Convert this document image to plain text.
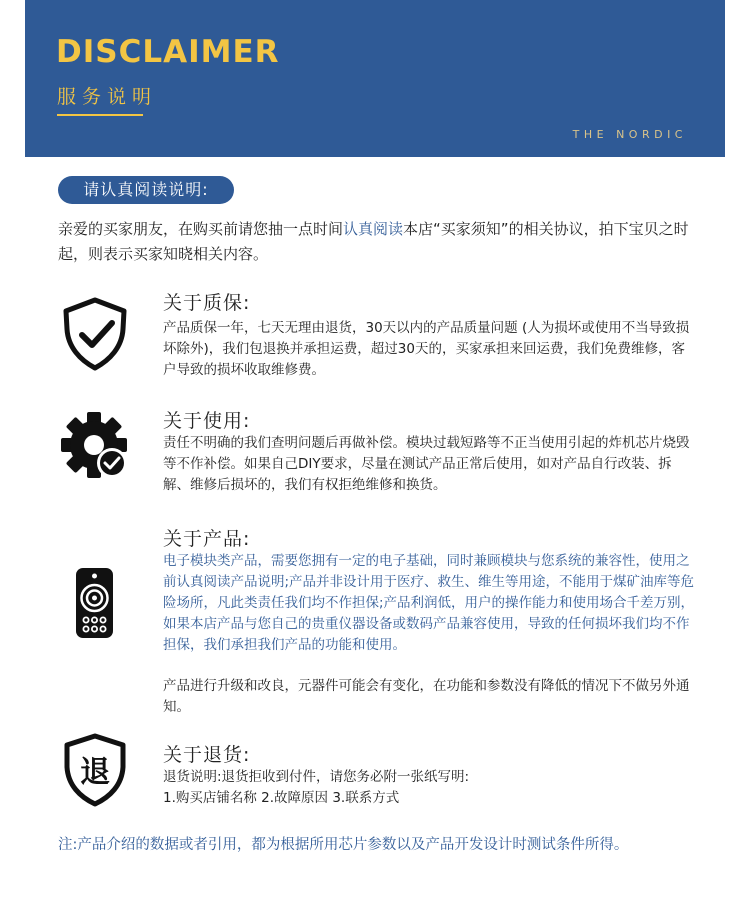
DISCLAIMER
服务说明
THE NORDIC
请认真阅读说明:

亲爱的买家朋友，在购买前请您抽一点时间认真阅读本店“买家须知”的相关协议，拍下宝贝之时起，则表示买家知晓相关内容。

关于质保:

产品质保一年，七天无理由退货，30天以内的产品质量问题 (人为损坏或使用不当导致损坏除外)，我们包退换并承担运费，超过30天的，买家承担来回运费，我们免费维修，客户导致的损坏收取维修费。

关于使用:

责任不明确的我们查明问题后再做补偿。模块过载短路等不正当使用引起的炸机芯片烧毁等不作补偿。如果自己DIY要求，尽量在测试产品正常后使用，如对产品自行改装、拆解、维修后损坏的，我们有权拒绝维修和换货。

关于产品:

电子模块类产品，需要您拥有一定的电子基础，同时兼顾模块与您系统的兼容性，使用之前认真阅读产品说明;产品并非设计用于医疗、救生、维生等用途，不能用于煤矿油库等危险场所，凡此类责任我们均不作担保;产品利润低，用户的操作能力和使用场合千差万别，如果本店产品与您自己的贵重仪器设备或数码产品兼容使用，导致的任何损坏我们均不作担保，我们承担我们产品的功能和使用。

产品进行升级和改良，元器件可能会有变化，在功能和参数没有降低的情况下不做另外通知。

退	关于退货:

退货说明:退货拒收到付件，请您务必附一张纸写明:

1.购买店铺名称 2.故障原因 3.联系方式

注:产品介绍的数据或者引用，都为根据所用芯片参数以及产品开发设计时测试条件所得。
